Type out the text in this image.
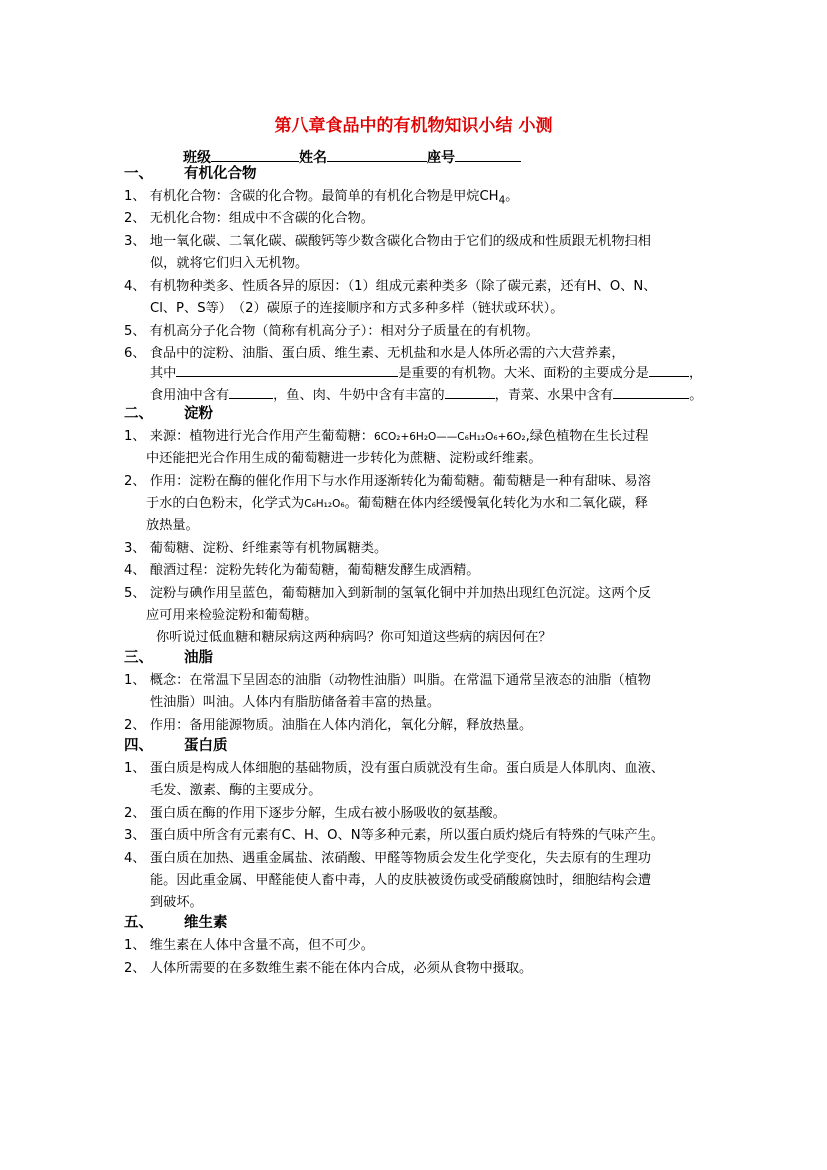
第八章食品中的有机物知识小结 小测
班级	姓名	座号
一、 有机化合物
1、 有机化合物：含碳的化合物。最简单的有机化合物是甲烷$CH_4$。
2、 无机化合物：组成中不含碳的化合物。
3、 地一氧化碳、二氧化碳、碳酸钙等少数含碳化合物由于它们的级成和性质跟无机物扫相
似，就将它们归入无机物。
4、 有机物种类多、性质各异的原因：（1）组成元素种类多（除了碳元素，还有H、O、N、
Cl、P、S等）　（2）碳原子的连接顺序和方式多种多样（链状或环状）。
5、 有机高分子化合物（简称有机高分子）：相对分子质量在的有机物。
6、 食品中的淀粉、油脂、蛋白质、维生素、无机盐和水是人体所必需的六大营养素，
其中	是重要的有机物。大米、面粉的主要成分是	，
食用油中含有	，鱼、肉、牛奶中含有丰富的	，青菜、水果中含有	。
二、 淀粉
1、 来源：植物进行光合作用产生葡萄糖：6CO₂+6H₂O——C₆H₁₂O₆+6O₂,绿色植物在生长过程
中还能把光合作用生成的葡萄糖进一步转化为蔗糖、淀粉或纤维素。
2、 作用：淀粉在酶的催化作用下与水作用逐渐转化为葡萄糖。葡萄糖是一种有甜味、易溶
于水的白色粉末，化学式为C₆H₁₂O₆。葡萄糖在体内经缓慢氧化转化为水和二氧化碳，释
放热量。
3、 葡萄糖、淀粉、纤维素等有机物属糖类。
4、 酿酒过程：淀粉先转化为葡萄糖，葡萄糖发酵生成酒精。
5、 淀粉与碘作用呈蓝色，葡萄糖加入到新制的氢氧化铜中并加热出现红色沉淀。这两个反
应可用来检验淀粉和葡萄糖。
你听说过低血糖和糖尿病这两种病吗？你可知道这些病的病因何在？
三、 油脂
1、 概念：在常温下呈固态的油脂（动物性油脂）叫脂。在常温下通常呈液态的油脂（植物
性油脂）叫油。人体内有脂肪储备着丰富的热量。
2、 作用：备用能源物质。油脂在人体内消化，氧化分解，释放热量。
四、 蛋白质
1、 蛋白质是构成人体细胞的基础物质，没有蛋白质就没有生命。蛋白质是人体肌肉、血液、
毛发、激素、酶的主要成分。
2、 蛋白质在酶的作用下逐步分解，生成右被小肠吸收的氨基酸。
3、 蛋白质中所含有元素有C、H、O、N等多种元素，所以蛋白质灼烧后有特殊的气味产生。
4、 蛋白质在加热、遇重金属盐、浓硝酸、甲醛等物质会发生化学变化，失去原有的生理功
能。因此重金属、甲醛能使人畜中毒，人的皮肤被烫伤或受硝酸腐蚀时，细胞结构会遭
到破坏。
五、 维生素
1、 维生素在人体中含量不高，但不可少。
2、 人体所需要的在多数维生素不能在体内合成，必须从食物中摄取。
